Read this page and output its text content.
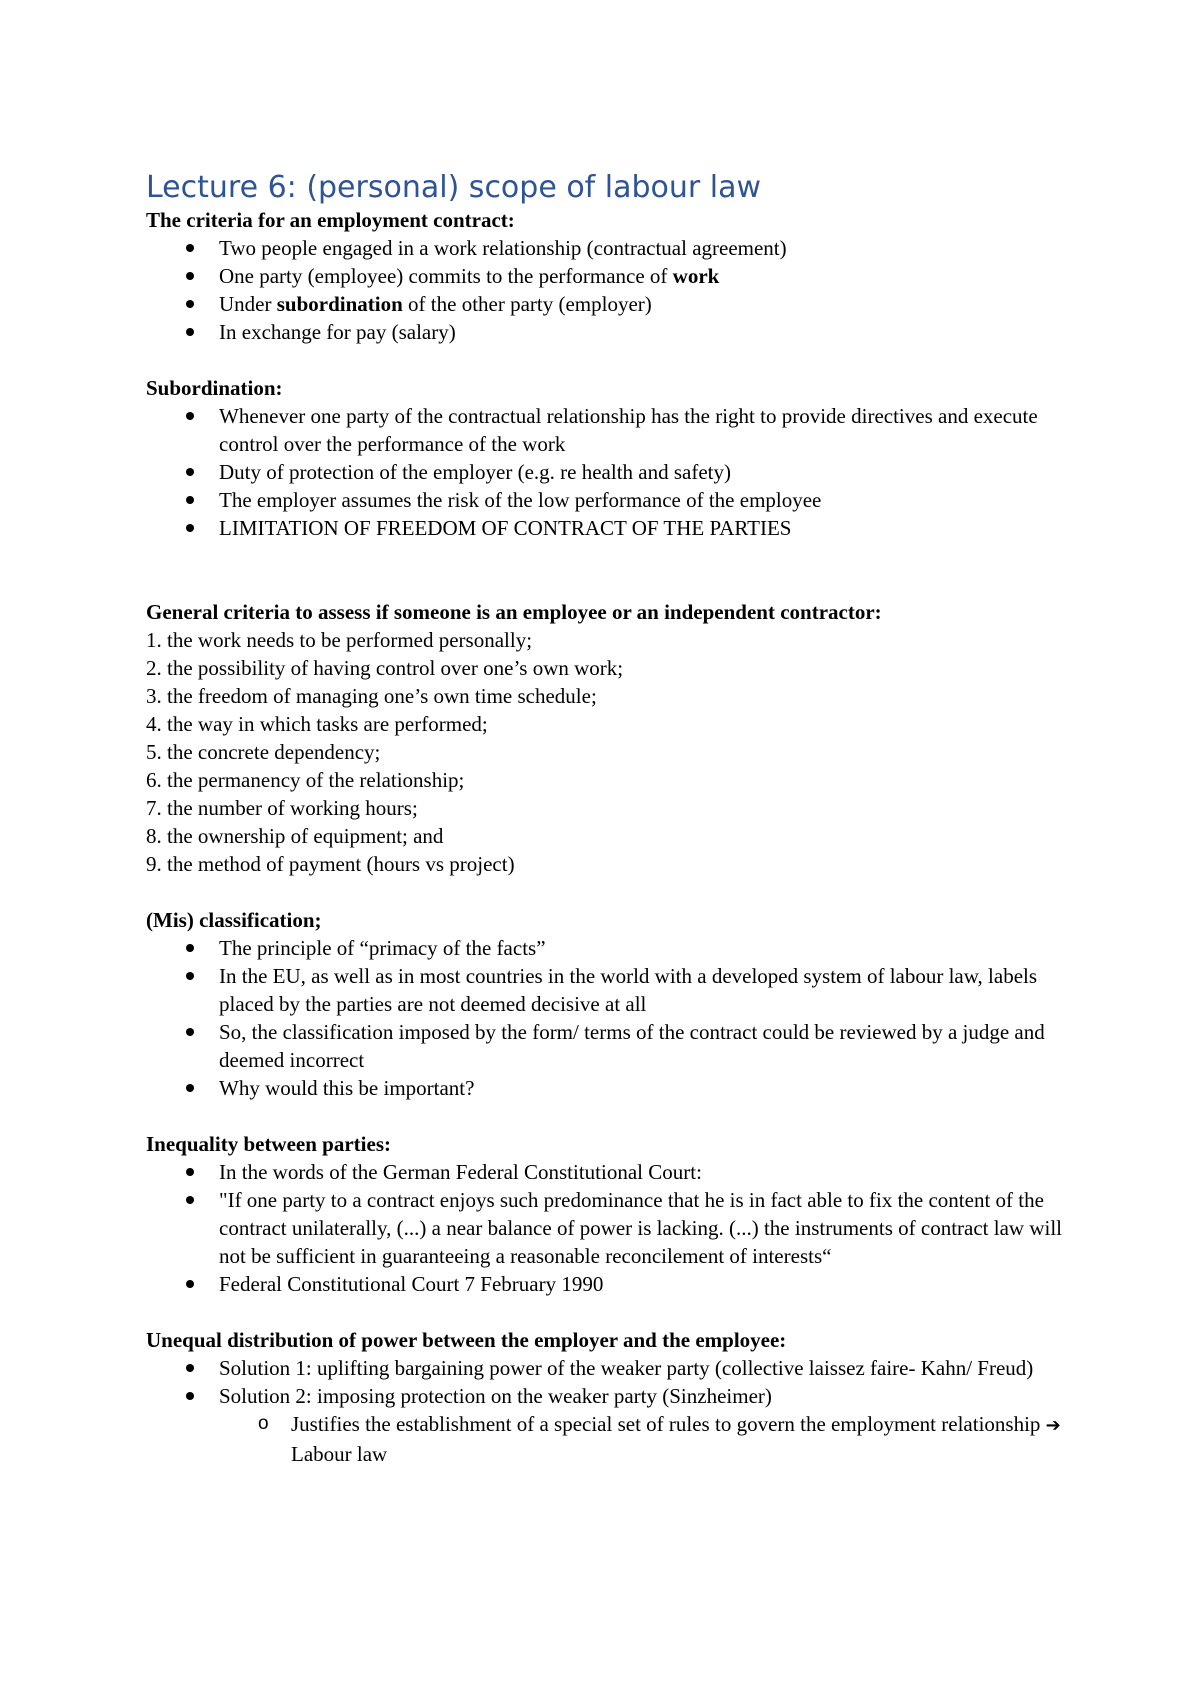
Lecture 6: (personal) scope of labour law
The criteria for an employment contract:
Two people engaged in a work relationship (contractual agreement)
One party (employee) commits to the performance of work
Under subordination of the other party (employer)
In exchange for pay (salary)
Subordination:
Whenever one party of the contractual relationship has the right to provide directives and execute control over the performance of the work
Duty of protection of the employer (e.g. re health and safety)
The employer assumes the risk of the low performance of the employee
LIMITATION OF FREEDOM OF CONTRACT OF THE PARTIES
General criteria to assess if someone is an employee or an independent contractor:
1. the work needs to be performed personally;
2. the possibility of having control over one’s own work;
3. the freedom of managing one’s own time schedule;
4. the way in which tasks are performed;
5. the concrete dependency;
6. the permanency of the relationship;
7. the number of working hours;
8. the ownership of equipment; and
9. the method of payment (hours vs project)
(Mis) classification;
The principle of “primacy of the facts”
In the EU, as well as in most countries in the world with a developed system of labour law, labels placed by the parties are not deemed decisive at all
So, the classification imposed by the form/ terms of the contract could be reviewed by a judge and deemed incorrect
Why would this be important?
Inequality between parties:
In the words of the German Federal Constitutional Court:
"If one party to a contract enjoys such predominance that he is in fact able to fix the content of the contract unilaterally, (...) a near balance of power is lacking. (...) the instruments of contract law will not be sufficient in guaranteeing a reasonable reconcilement of interests“
Federal Constitutional Court 7 February 1990
Unequal distribution of power between the employer and the employee:
Solution 1: uplifting bargaining power of the weaker party (collective laissez faire- Kahn/ Freud)
Solution 2: imposing protection on the weaker party (Sinzheimer)
o Justifies the establishment of a special set of rules to govern the employment relationship ➔ Labour law
